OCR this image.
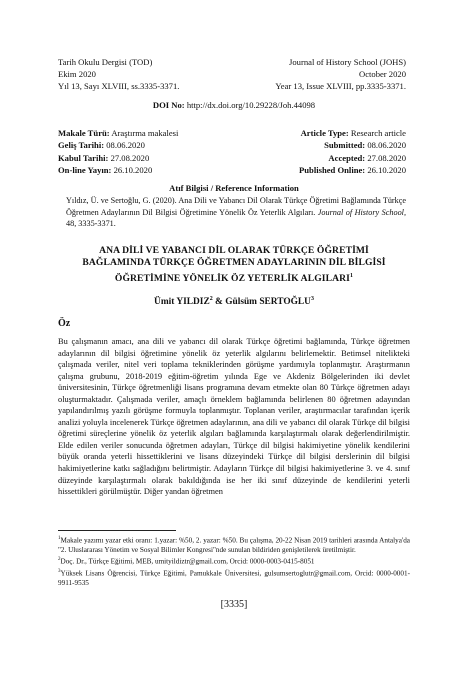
Tarih Okulu Dergisi (TOD)
Ekim 2020
Yıl 13, Sayı XLVIII, ss.3335-3371.
Journal of History School (JOHS)
October 2020
Year 13, Issue XLVIII, pp.3335-3371.
DOI No: http://dx.doi.org/10.29228/Joh.44098
Makale Türü: Araştırma makalesi
Geliş Tarihi: 08.06.2020
Kabul Tarihi: 27.08.2020
On-line Yayın: 26.10.2020
Article Type: Research article
Submitted: 08.06.2020
Accepted: 27.08.2020
Published Online: 26.10.2020
Atıf Bilgisi / Reference Information
Yıldız, Ü. ve Sertoğlu, G. (2020). Ana Dili ve Yabancı Dil Olarak Türkçe Öğretimi Bağlamında Türkçe Öğretmen Adaylarının Dil Bilgisi Öğretimine Yönelik Öz Yeterlik Algıları. Journal of History School, 48, 3335-3371.
ANA DİLİ VE YABANCI DİL OLARAK TÜRKÇE ÖĞRETİMİ
BAĞLAMINDA TÜRKÇE ÖĞRETMEN ADAYLARININ DİL BİLGİSİ
ÖĞRETİMİNE YÖNELİK ÖZ YETERLİK ALGILARI$^1$
Ümit YILDIZ$^2$ & Gülsüm SERTOĞLU$^3$
Öz
Bu çalışmanın amacı, ana dili ve yabancı dil olarak Türkçe öğretimi bağlamında, Türkçe öğretmen adaylarının dil bilgisi öğretimine yönelik öz yeterlik algılarını belirlemektir. Betimsel nitelikteki çalışmada veriler, nitel veri toplama tekniklerinden görüşme yardımıyla toplanmıştır. Araştırmanın çalışma grubunu, 2018-2019 eğitim-öğretim yılında Ege ve Akdeniz Bölgelerinden iki devlet üniversitesinin, Türkçe öğretmenliği lisans programına devam etmekte olan 80 Türkçe öğretmen adayı oluşturmaktadır. Çalışmada veriler, amaçlı örneklem bağlamında belirlenen 80 öğretmen adayından yapılandırılmış yazılı görüşme formuyla toplanmıştır. Toplanan veriler, araştırmacılar tarafından içerik analizi yoluyla incelenerek Türkçe öğretmen adaylarının, ana dili ve yabancı dil olarak Türkçe dil bilgisi öğretimi süreçlerine yönelik öz yeterlik algıları bağlamında karşılaştırmalı olarak değerlendirilmiştir. Elde edilen veriler sonucunda öğretmen adayları, Türkçe dil bilgisi hakimiyetine yönelik kendilerini büyük oranda yeterli hissettiklerini ve lisans düzeyindeki Türkçe dil bilgisi derslerinin dil bilgisi hakimiyetlerine katkı sağladığını belirtmiştir. Adayların Türkçe dil bilgisi hakimiyetlerine 3. ve 4. sınıf düzeyinde karşılaştırmalı olarak bakıldığında ise her iki sınıf düzeyinde de kendilerini yeterli hissettikleri görülmüştür. Diğer yandan öğretmen

$^1$Makale yazımı yazar etki oranı: 1.yazar: %50, 2. yazar: %50. Bu çalışma, 20-22 Nisan 2019 tarihleri arasında Antalya'da "2. Uluslararası Yönetim ve Sosyal Bilimler Kongresi"nde sunulan bildiriden genişletilerek üretilmiştir.

$^2$Doç. Dr., Türkçe Eğitimi, MEB, umityildiztr@gmail.com, Orcid: 0000-0003-0415-8051

$^3$Yüksek Lisans Öğrencisi, Türkçe Eğitimi, Pamukkale Üniversitesi, gulsumsertoglutr@gmail.com, Orcid: 0000-0001-9911-9535

[3335]
